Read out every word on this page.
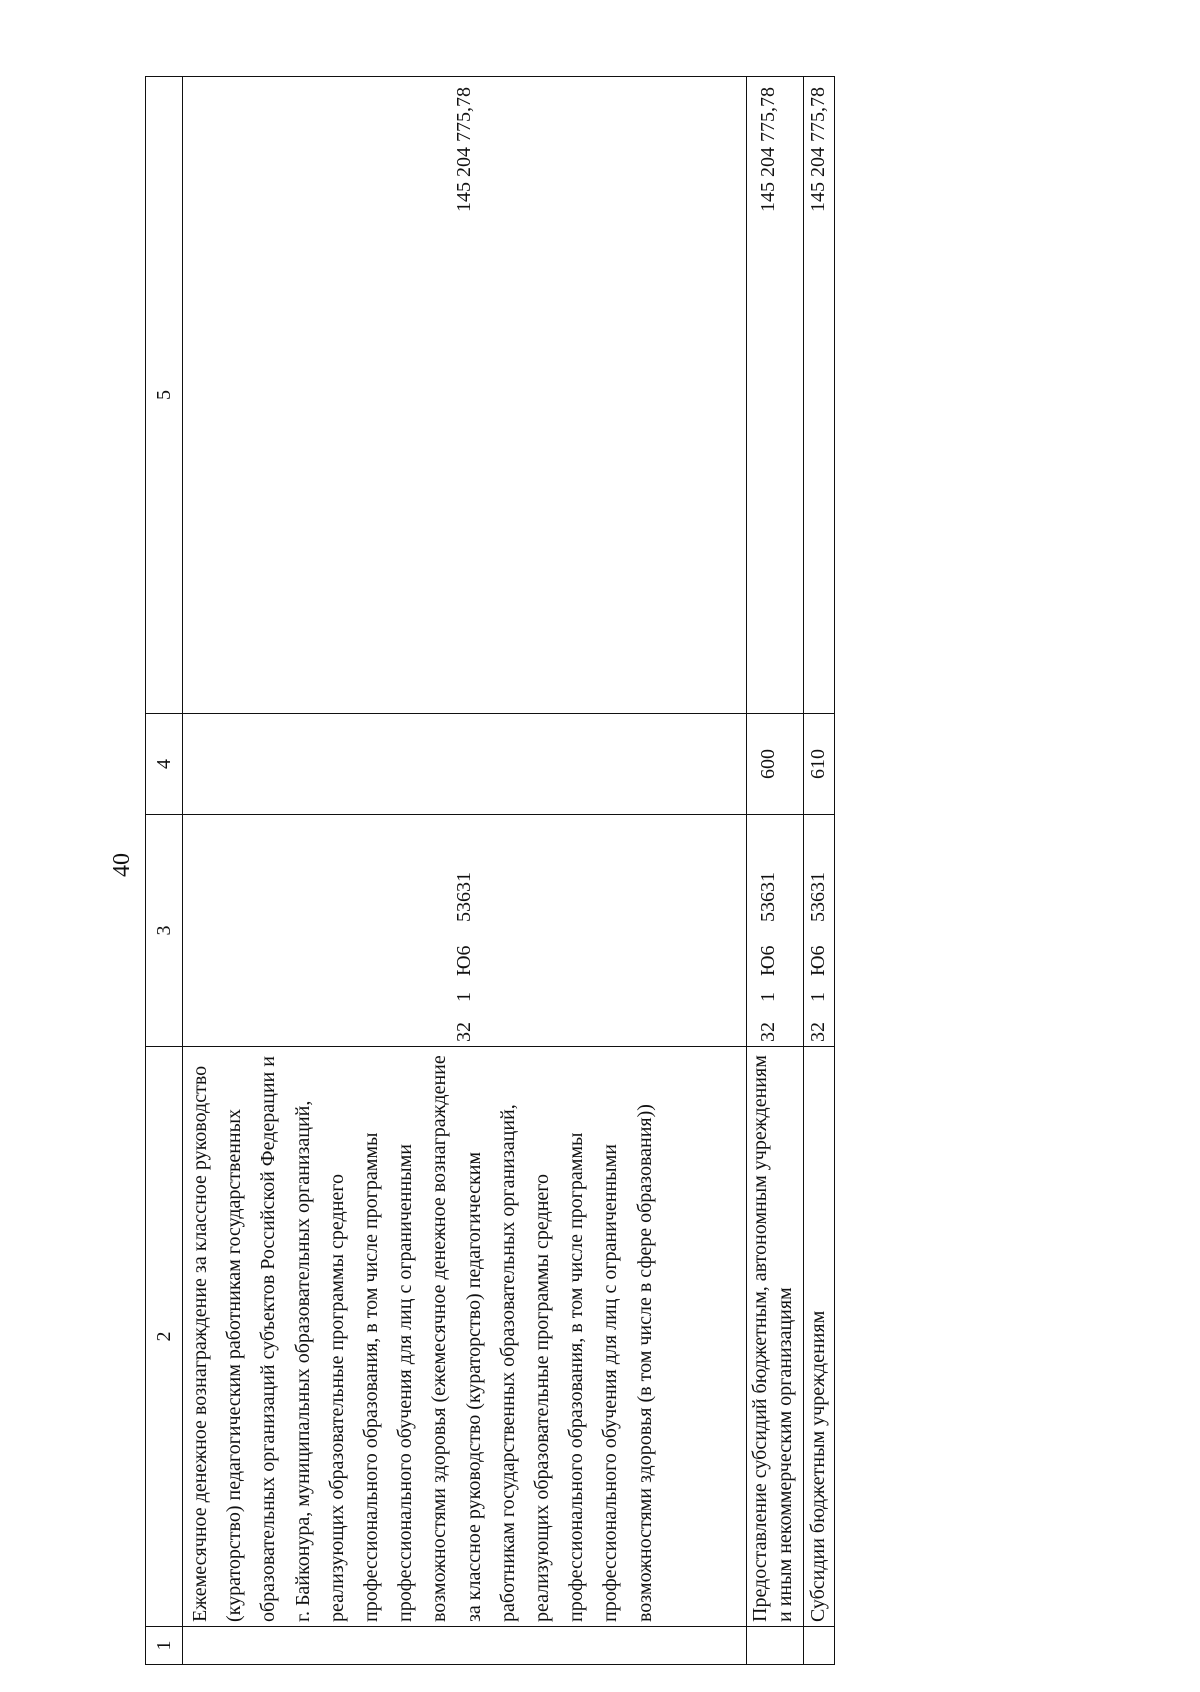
40
1	2	3	4	5
	Ежемесячное денежное вознаграждение за классное руководство (кураторство) педагогическим работникам государственных образовательных организаций субъектов Российской Федерации и г. Байконура, муниципальных образовательных организаций, реализующих образовательные программы среднего профессионального образования, в том числе программы профессионального обучения для лиц с ограниченными возможностями здоровья (ежемесячное денежное вознаграждение за классное руководство (кураторство) педагогическим работникам государственных образовательных организаций, реализующих образовательные программы среднего профессионального образования, в том числе программы профессионального обучения для лиц с ограниченными возможностями здоровья (в том числе в сфере образования))	321Ю653631		145 204 775,78
	Предоставление субсидий бюджетным, автономным учреждениям и иным некоммерческим организациям	321Ю653631	600	145 204 775,78
	Субсидии бюджетным учреждениям	321Ю653631	610	145 204 775,78
